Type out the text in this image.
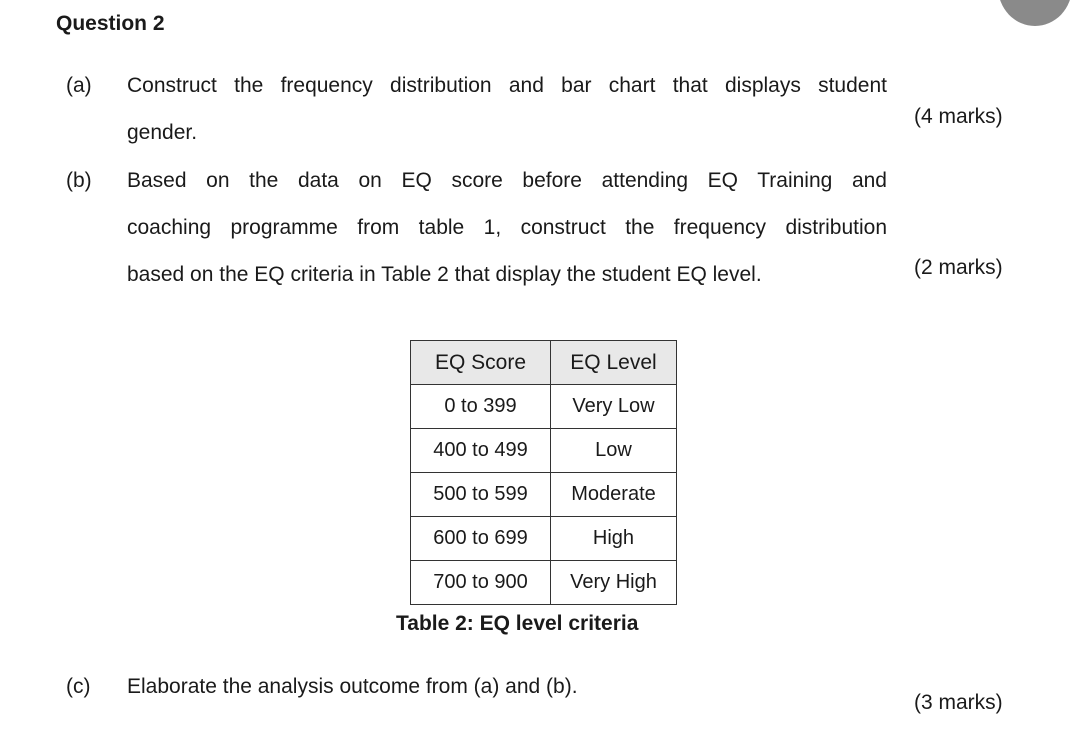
Question 2
(a) Construct the frequency distribution and bar chart that displays student
gender.
(4 marks)
(b) Based on the data on EQ score before attending EQ Training and
coaching programme from table 1, construct the frequency distribution
based on the EQ criteria in Table 2 that display the student EQ level.	(2 marks)
EQ Score	EQ Level
0 to 399	Very Low
400 to 499	Low
500 to 599	Moderate
600 to 699	High
700 to 900	Very High
Table 2: EQ level criteria
(c) Elaborate the analysis outcome from (a) and (b).
(3 marks)
